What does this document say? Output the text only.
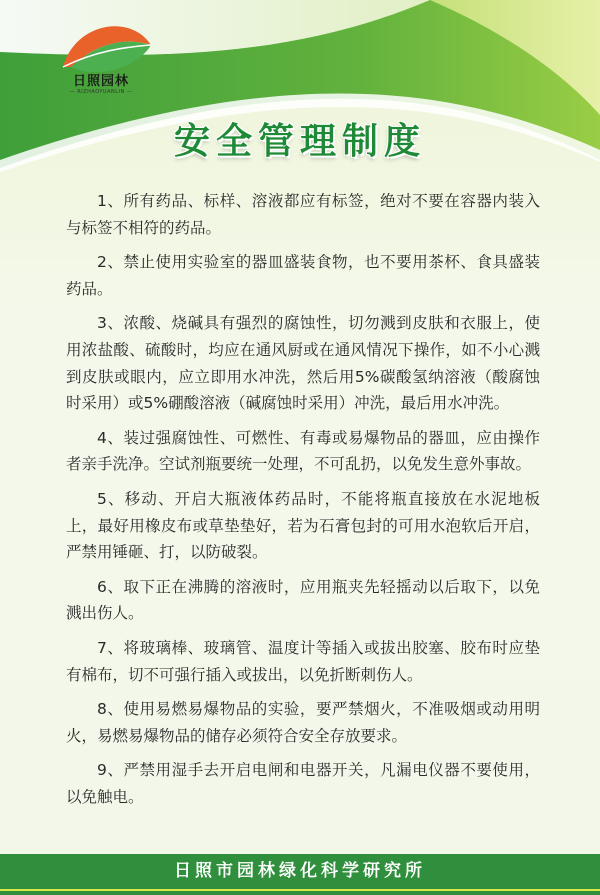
日照园林
— RIZHAOYUANLIN —
安全管理制度

1、所有药品、标样、溶液都应有标签，绝对不要在容器内装入与标签不相符的药品。

2、禁止使用实验室的器皿盛装食物，也不要用茶杯、食具盛装药品。

3、浓酸、烧碱具有强烈的腐蚀性，切勿溅到皮肤和衣服上，使用浓盐酸、硫酸时，均应在通风厨或在通风情况下操作，如不小心溅到皮肤或眼内，应立即用水冲洗，然后用5%碳酸氢纳溶液（酸腐蚀时采用）或5%硼酸溶液（碱腐蚀时采用）冲洗，最后用水冲洗。

4、装过强腐蚀性、可燃性、有毒或易爆物品的器皿，应由操作者亲手洗净。空试剂瓶要统一处理，不可乱扔，以免发生意外事故。

5、移动、开启大瓶液体药品时，不能将瓶直接放在水泥地板上，最好用橡皮布或草垫垫好，若为石膏包封的可用水泡软后开启，严禁用锤砸、打，以防破裂。

6、取下正在沸腾的溶液时，应用瓶夹先轻摇动以后取下，以免溅出伤人。

7、将玻璃棒、玻璃管、温度计等插入或拔出胶塞、胶布时应垫有棉布，切不可强行插入或拔出，以免折断刺伤人。

8、使用易燃易爆物品的实验，要严禁烟火，不准吸烟或动用明火，易燃易爆物品的储存必须符合安全存放要求。

9、严禁用湿手去开启电闸和电器开关，凡漏电仪器不要使用，以免触电。

日照市园林绿化科学研究所
